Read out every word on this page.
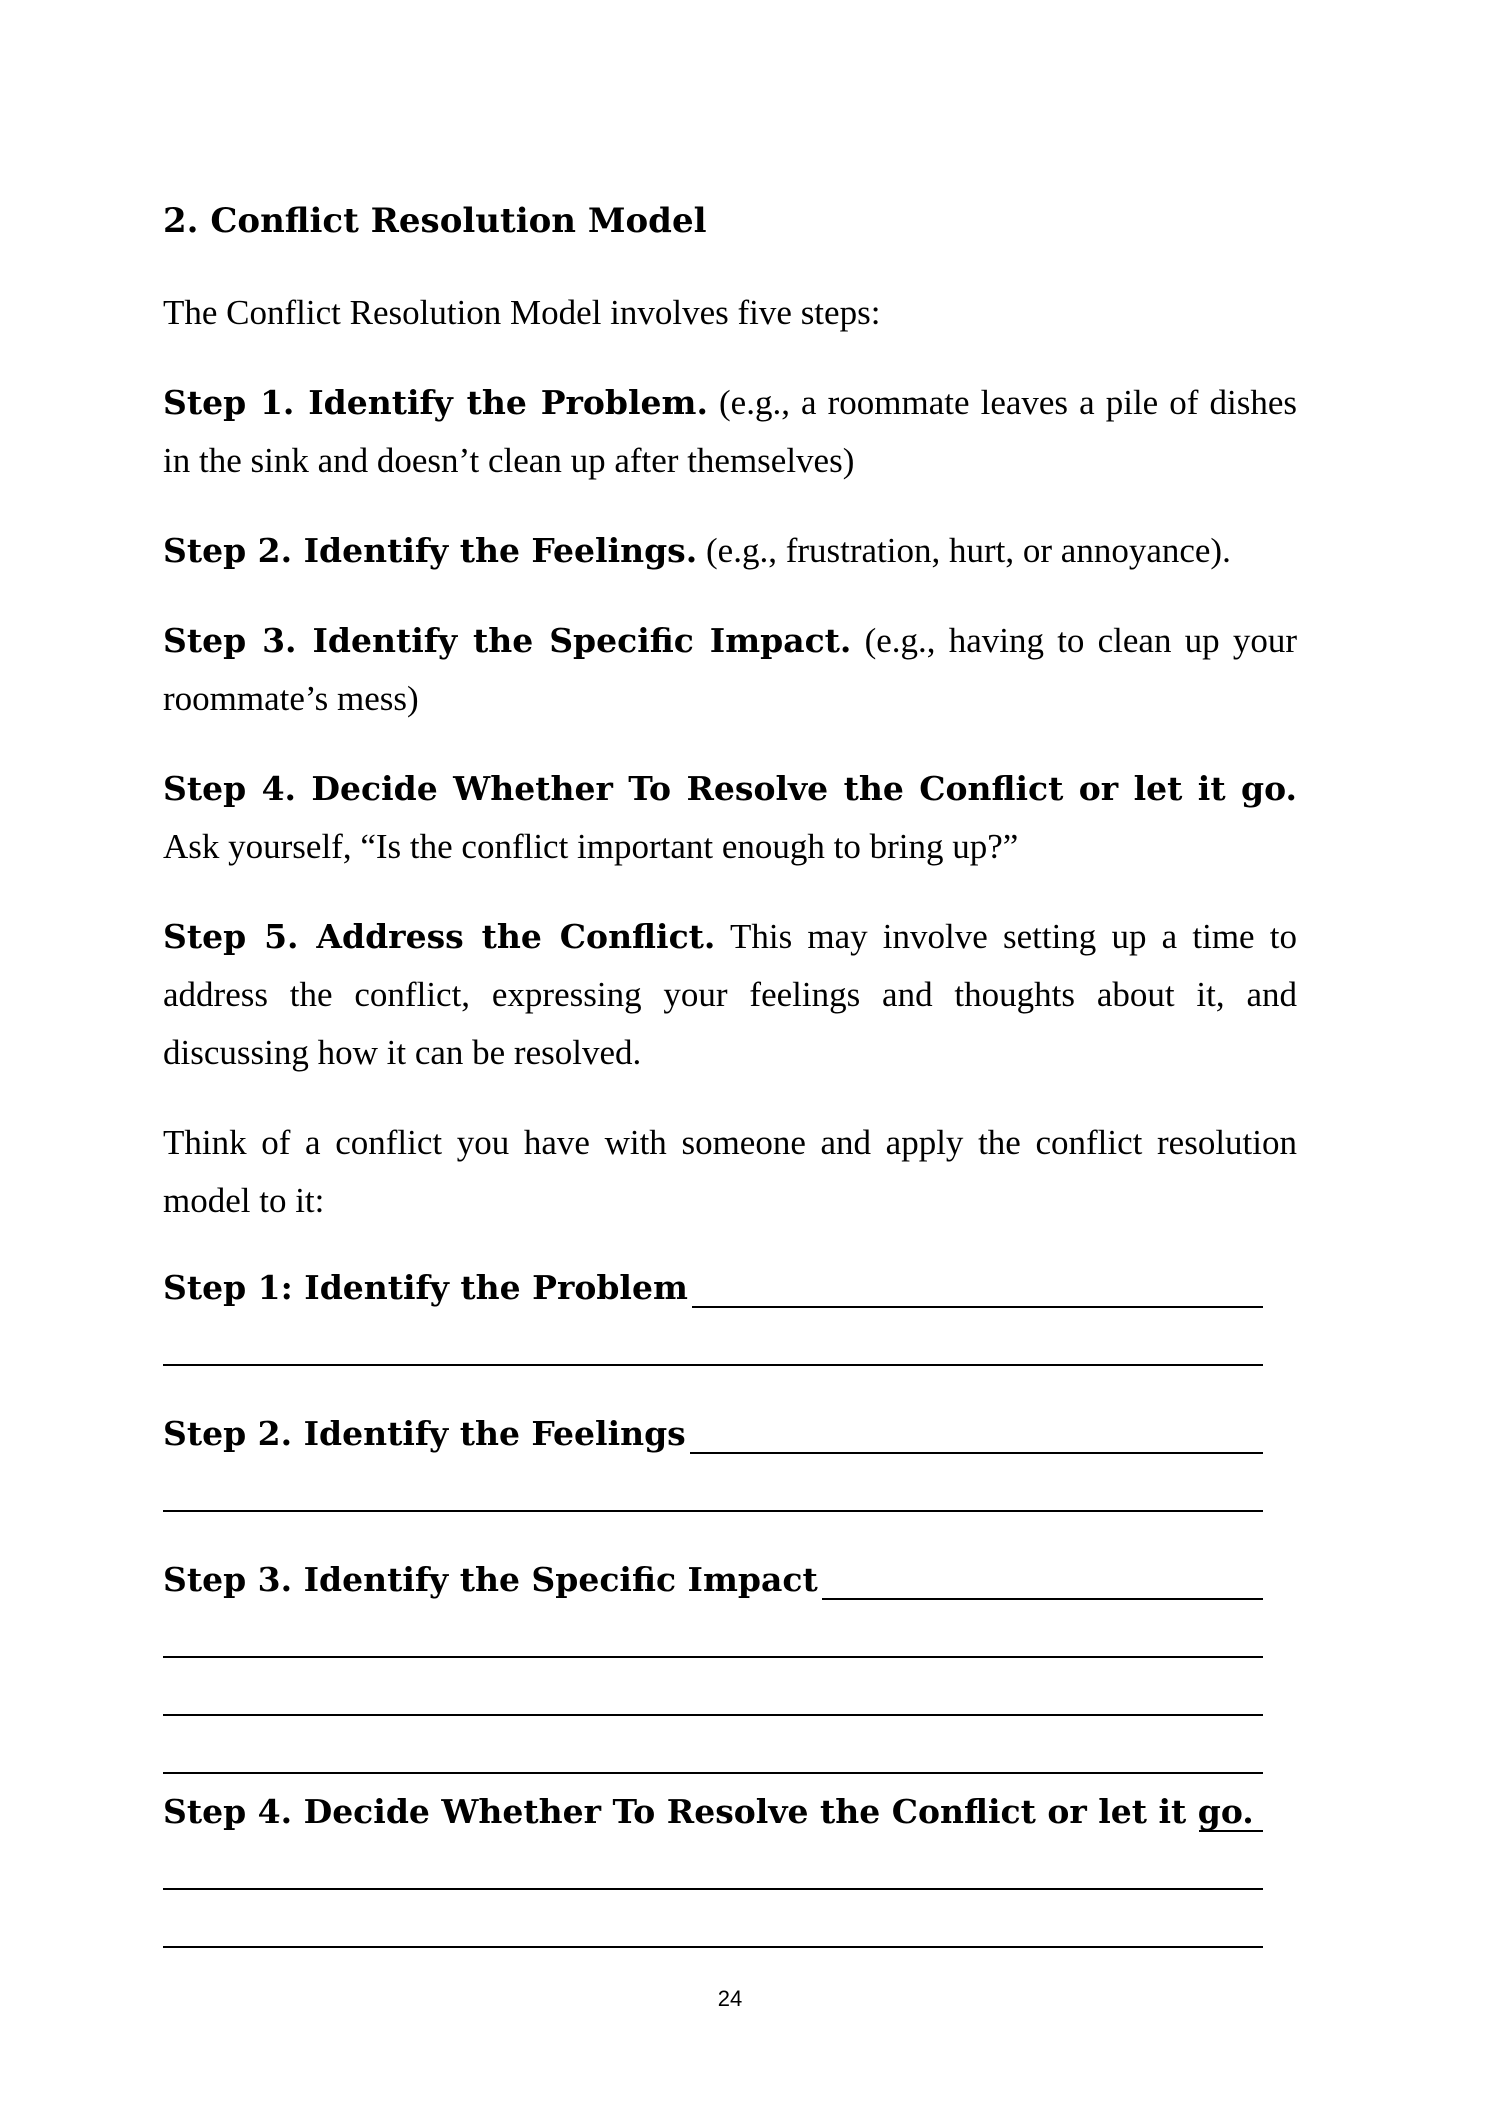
2. Conflict Resolution Model

The Conflict Resolution Model involves five steps:

Step 1. Identify the Problem. (e.g., a roommate leaves a pile of dishes in the sink and doesn’t clean up after themselves)

Step 2. Identify the Feelings. (e.g., frustration, hurt, or annoyance).

Step 3. Identify the Specific Impact. (e.g., having to clean up your roommate’s mess)

Step 4. Decide Whether To Resolve the Conflict or let it go. Ask yourself, “Is the conflict important enough to bring up?”

Step 5. Address the Conflict. This may involve setting up a time to address the conflict, expressing your feelings and thoughts about it, and discussing how it can be resolved.

Think of a conflict you have with someone and apply the conflict resolution model to it:

Step 1: Identify the Problem
Step 2. Identify the Feelings
Step 3. Identify the Specific Impact
Step 4. Decide Whether To Resolve the Conflict or let it go.
24
